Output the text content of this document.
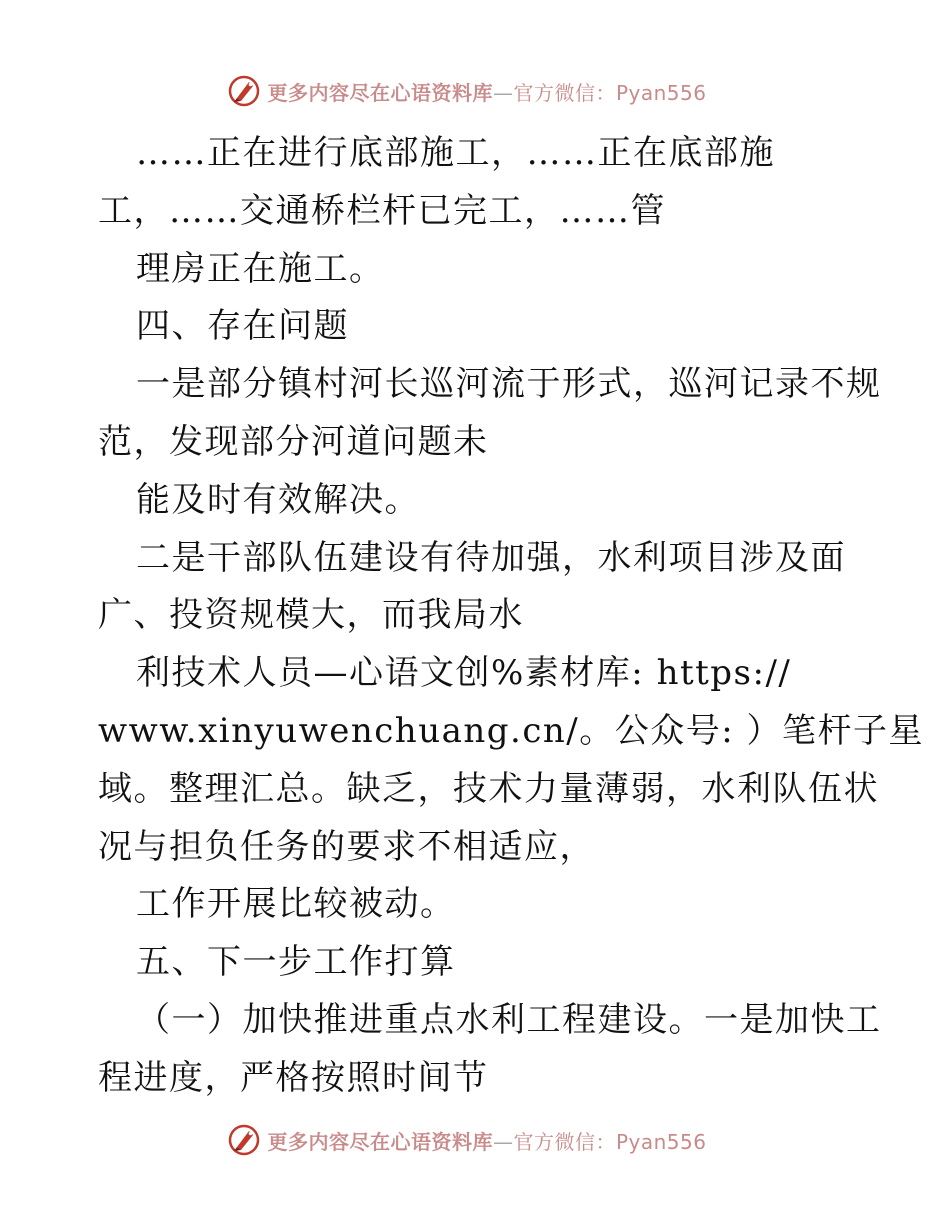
更多内容尽在心语资料库—官方微信：Pyan556
……正在进行底部施工，……正在底部施
工，……交通桥栏杆已完工，……管
理房正在施工。
四、存在问题
一是部分镇村河长巡河流于形式，巡河记录不规
范，发现部分河道问题未
能及时有效解决。
二是干部队伍建设有待加强，水利项目涉及面
广、投资规模大，而我局水
利技术人员—心语文创%素材库: https://
www.xinyuwenchuang.cn/。公众号: ）笔杆子星
域。整理汇总。缺乏，技术力量薄弱，水利队伍状
况与担负任务的要求不相适应，
工作开展比较被动。
五、下一步工作打算
（一）加快推进重点水利工程建设。一是加快工
程进度，严格按照时间节
更多内容尽在心语资料库—官方微信：Pyan556
